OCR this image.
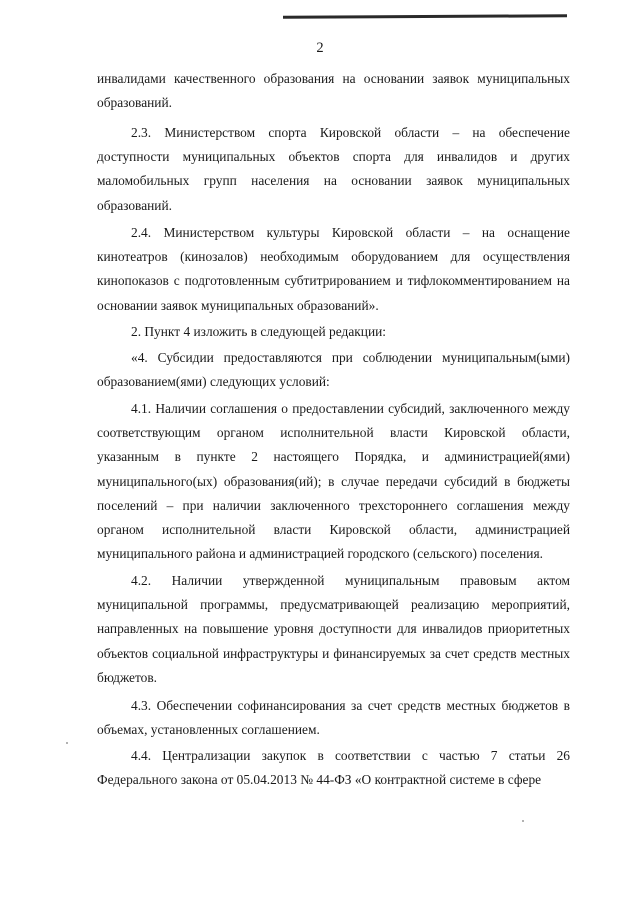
2

инвалидами качественного образования на основании заявок муниципальных образований.

2.3. Министерством спорта Кировской области – на обеспечение доступности муниципальных объектов спорта для инвалидов и других маломобильных групп населения на основании заявок муниципальных образований.

2.4. Министерством культуры Кировской области – на оснащение кинотеатров (кинозалов) необходимым оборудованием для осуществления кинопоказов с подготовленным субтитрированием и тифлокомментированием на основании заявок муниципальных образований».

2. Пункт 4 изложить в следующей редакции:

«4. Субсидии предоставляются при соблюдении муниципальным(ыми) образованием(ями) следующих условий:

4.1. Наличии соглашения о предоставлении субсидий, заключенного между соответствующим органом исполнительной власти Кировской области, указанным в пункте 2 настоящего Порядка, и администрацией(ями) муниципального(ых) образования(ий); в случае передачи субсидий в бюджеты поселений – при наличии заключенного трехстороннего соглашения между органом исполнительной власти Кировской области, администрацией муниципального района и администрацией городского (сельского) поселения.

4.2. Наличии утвержденной муниципальным правовым актом муниципальной программы, предусматривающей реализацию мероприятий, направленных на повышение уровня доступности для инвалидов приоритетных объектов социальной инфраструктуры и финансируемых за счет средств местных бюджетов.

4.3. Обеспечении софинансирования за счет средств местных бюджетов в объемах, установленных соглашением.

4.4. Централизации закупок в соответствии с частью 7 статьи 26 Федерального закона от 05.04.2013 № 44-ФЗ «О контрактной системе в сфере
